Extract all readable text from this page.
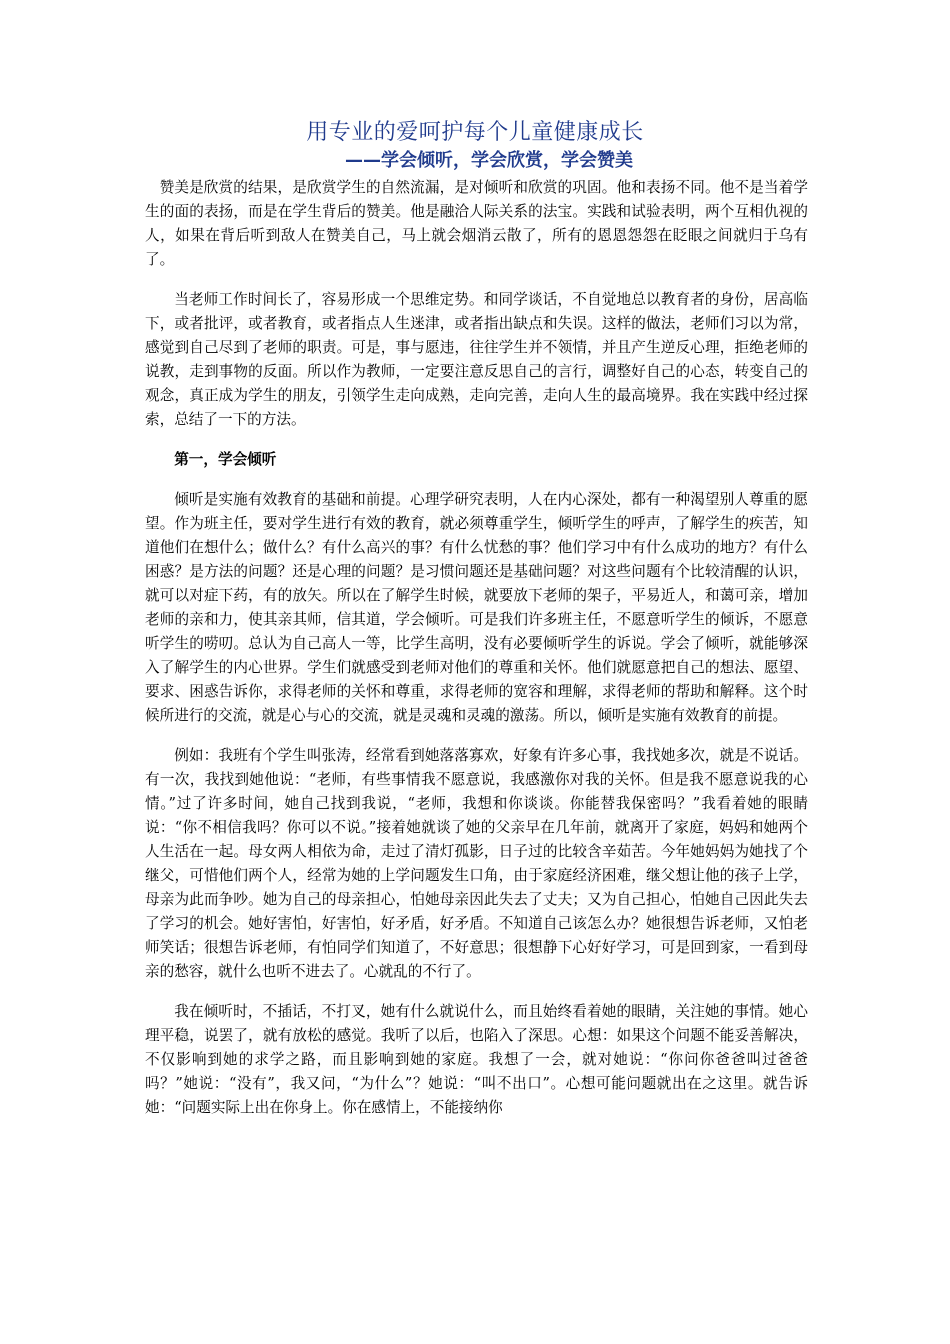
用专业的爱呵护每个儿童健康成长
——学会倾听，学会欣赏，学会赞美

赞美是欣赏的结果，是欣赏学生的自然流漏，是对倾听和欣赏的巩固。他和表扬不同。他不是当着学生的面的表扬，而是在学生背后的赞美。他是融洽人际关系的法宝。实践和试验表明，两个互相仇视的人，如果在背后听到敌人在赞美自己，马上就会烟消云散了，所有的恩恩怨怨在眨眼之间就归于乌有了。

当老师工作时间长了，容易形成一个思维定势。和同学谈话，不自觉地总以教育者的身份，居高临下，或者批评，或者教育，或者指点人生迷津，或者指出缺点和失误。这样的做法，老师们习以为常，感觉到自己尽到了老师的职责。可是，事与愿违，往往学生并不领情，并且产生逆反心理，拒绝老师的说教，走到事物的反面。所以作为教师，一定要注意反思自己的言行，调整好自己的心态，转变自己的观念，真正成为学生的朋友，引领学生走向成熟，走向完善，走向人生的最高境界。我在实践中经过探索，总结了一下的方法。

第一，学会倾听

倾听是实施有效教育的基础和前提。心理学研究表明，人在内心深处，都有一种渴望别人尊重的愿望。作为班主任，要对学生进行有效的教育，就必须尊重学生，倾听学生的呼声，了解学生的疾苦，知道他们在想什么；做什么？有什么高兴的事？有什么忧愁的事？他们学习中有什么成功的地方？有什么困惑？是方法的问题？还是心理的问题？是习惯问题还是基础问题？对这些问题有个比较清醒的认识，就可以对症下药，有的放矢。所以在了解学生时候，就要放下老师的架子，平易近人，和蔼可亲，增加老师的亲和力，使其亲其师，信其道，学会倾听。可是我们许多班主任，不愿意听学生的倾诉，不愿意听学生的唠叨。总认为自己高人一等，比学生高明，没有必要倾听学生的诉说。学会了倾听，就能够深入了解学生的内心世界。学生们就感受到老师对他们的尊重和关怀。他们就愿意把自己的想法、愿望、要求、困惑告诉你，求得老师的关怀和尊重，求得老师的宽容和理解，求得老师的帮助和解释。这个时候所进行的交流，就是心与心的交流，就是灵魂和灵魂的激荡。所以，倾听是实施有效教育的前提。

例如：我班有个学生叫张涛，经常看到她落落寡欢，好象有许多心事，我找她多次，就是不说话。有一次，我找到她他说：“老师，有些事情我不愿意说，我感激你对我的关怀。但是我不愿意说我的心情。”过了许多时间，她自己找到我说，“老师，我想和你谈谈。你能替我保密吗？”我看着她的眼睛说：“你不相信我吗？你可以不说。”接着她就谈了她的父亲早在几年前，就离开了家庭，妈妈和她两个人生活在一起。母女两人相依为命，走过了清灯孤影，日子过的比较含辛茹苦。今年她妈妈为她找了个继父，可惜他们两个人，经常为她的上学问题发生口角，由于家庭经济困难，继父想让他的孩子上学，母亲为此而争吵。她为自己的母亲担心，怕她母亲因此失去了丈夫；又为自己担心，怕她自己因此失去了学习的机会。她好害怕，好害怕，好矛盾，好矛盾。不知道自己该怎么办？她很想告诉老师，又怕老师笑话；很想告诉老师，有怕同学们知道了，不好意思；很想静下心好好学习，可是回到家，一看到母亲的愁容，就什么也听不进去了。心就乱的不行了。

我在倾听时，不插话，不打叉，她有什么就说什么，而且始终看着她的眼睛，关注她的事情。她心理平稳，说罢了，就有放松的感觉。我听了以后，也陷入了深思。心想：如果这个问题不能妥善解决，不仅影响到她的求学之路，而且影响到她的家庭。我想了一会，就对她说：“你问你爸爸叫过爸爸吗？”她说：“没有”，我又问，“为什么”？她说：“叫不出口”。心想可能问题就出在之这里。就告诉她：“问题实际上出在你身上。你在感情上，不能接纳你
